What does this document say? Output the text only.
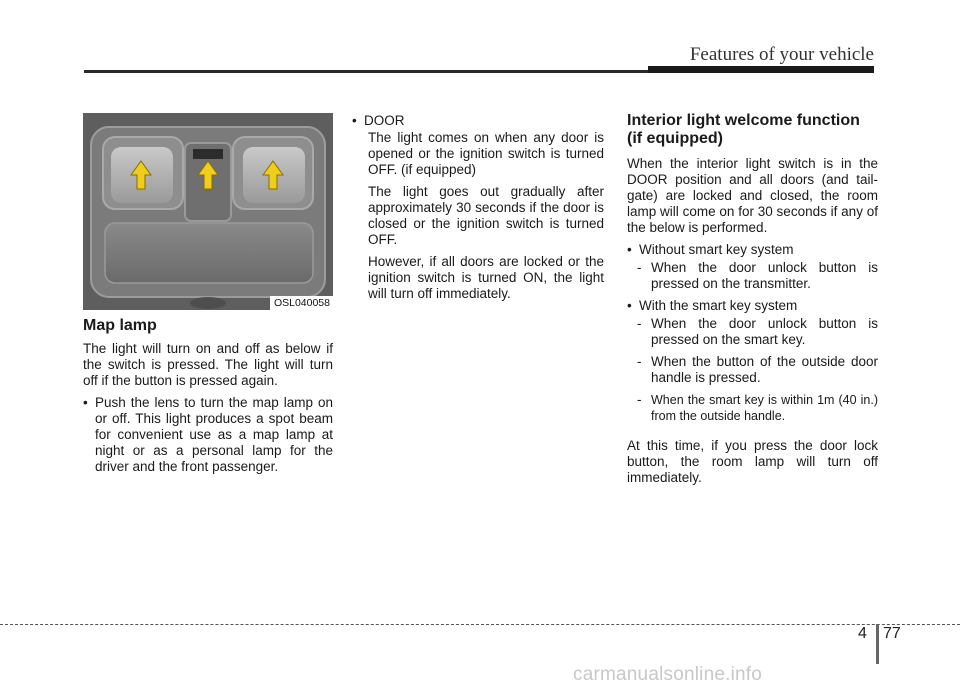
Features of your vehicle
OSL040058
Map lamp

The light will turn on and off as below if the switch is pressed. The light will turn off if the button is pressed again.

• Push the lens to turn the map lamp on or off. This light produces a spot beam for convenient use as a map lamp at night or as a personal lamp for the driver and the front passenger.
• DOOR

The light comes on when any door is opened or the ignition switch is turned OFF. (if equipped)

The light goes out gradually after approximately 30 seconds if the door is closed or the ignition switch is turned OFF.

However, if all doors are locked or the ignition switch is turned ON, the light will turn off immediately.

Interior light welcome function
(if equipped)

When the interior light switch is in the DOOR position and all doors (and tail-gate) are locked and closed, the room lamp will come on for 30 seconds if any of the below is performed.

• Without smart key system
- When the door unlock button is pressed on the transmitter.
• With the smart key system
- When the door unlock button is pressed on the smart key.
- When the button of the outside door handle is pressed.
- When the smart key is within 1m (40 in.) from the outside handle.

At this time, if you press the door lock button, the room lamp will turn off immediately.

4 77
carmanualsonline.info
